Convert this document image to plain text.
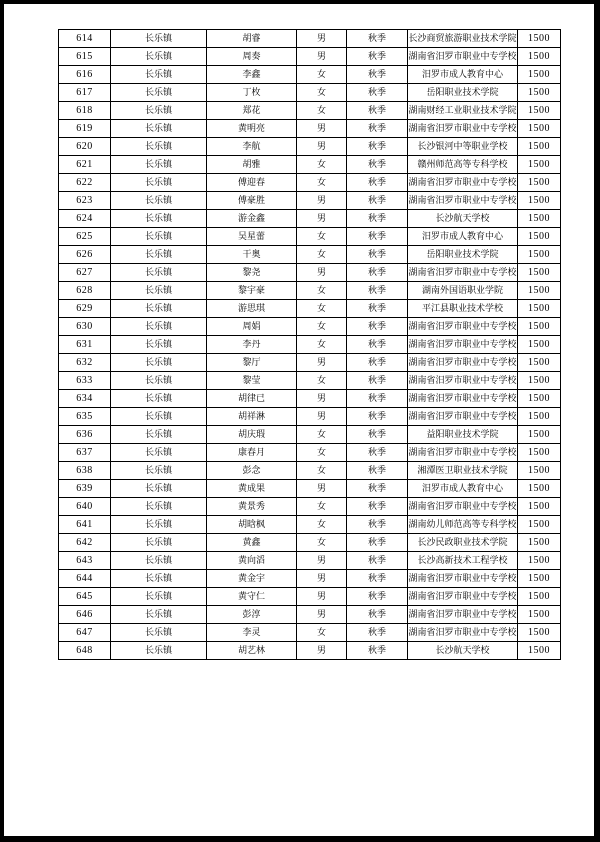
614	长乐镇	胡睿	男	秋季	长沙商贸旅游职业技术学院	1500
615	长乐镇	周奏	男	秋季	湖南省汨罗市职业中专学校	1500
616	长乐镇	李鑫	女	秋季	汨罗市成人教育中心	1500
617	长乐镇	丁枚	女	秋季	岳阳职业技术学院	1500
618	长乐镇	郑花	女	秋季	湖南财经工业职业技术学院	1500
619	长乐镇	黄明亮	男	秋季	湖南省汨罗市职业中专学校	1500
620	长乐镇	李航	男	秋季	长沙银河中等职业学校	1500
621	长乐镇	胡雅	女	秋季	赣州师范高等专科学校	1500
622	长乐镇	傅迎春	女	秋季	湖南省汨罗市职业中专学校	1500
623	长乐镇	傅豪胜	男	秋季	湖南省汨罗市职业中专学校	1500
624	长乐镇	游金鑫	男	秋季	长沙航天学校	1500
625	长乐镇	吴星蕾	女	秋季	汨罗市成人教育中心	1500
626	长乐镇	干奥	女	秋季	岳阳职业技术学院	1500
627	长乐镇	黎尧	男	秋季	湖南省汨罗市职业中专学校	1500
628	长乐镇	黎宇豪	女	秋季	湖南外国语职业学院	1500
629	长乐镇	游思琪	女	秋季	平江县职业技术学校	1500
630	长乐镇	周娟	女	秋季	湖南省汨罗市职业中专学校	1500
631	长乐镇	李丹	女	秋季	湖南省汨罗市职业中专学校	1500
632	长乐镇	黎厅	男	秋季	湖南省汨罗市职业中专学校	1500
633	长乐镇	黎莹	女	秋季	湖南省汨罗市职业中专学校	1500
634	长乐镇	胡律已	男	秋季	湖南省汨罗市职业中专学校	1500
635	长乐镇	胡祥淋	男	秋季	湖南省汨罗市职业中专学校	1500
636	长乐镇	胡庆瑕	女	秋季	益阳职业技术学院	1500
637	长乐镇	康春月	女	秋季	湖南省汨罗市职业中专学校	1500
638	长乐镇	彭念	女	秋季	湘潭医卫职业技术学院	1500
639	长乐镇	黄成果	男	秋季	汨罗市成人教育中心	1500
640	长乐镇	黄景秀	女	秋季	湖南省汨罗市职业中专学校	1500
641	长乐镇	胡晗枫	女	秋季	湖南幼儿师范高等专科学校	1500
642	长乐镇	黄鑫	女	秋季	长沙民政职业技术学院	1500
643	长乐镇	黄向滔	男	秋季	长沙高新技术工程学校	1500
644	长乐镇	黄金宇	男	秋季	湖南省汨罗市职业中专学校	1500
645	长乐镇	黄守仁	男	秋季	湖南省汨罗市职业中专学校	1500
646	长乐镇	彭淳	男	秋季	湖南省汨罗市职业中专学校	1500
647	长乐镇	李灵	女	秋季	湖南省汨罗市职业中专学校	1500
648	长乐镇	胡艺林	男	秋季	长沙航天学校	1500
